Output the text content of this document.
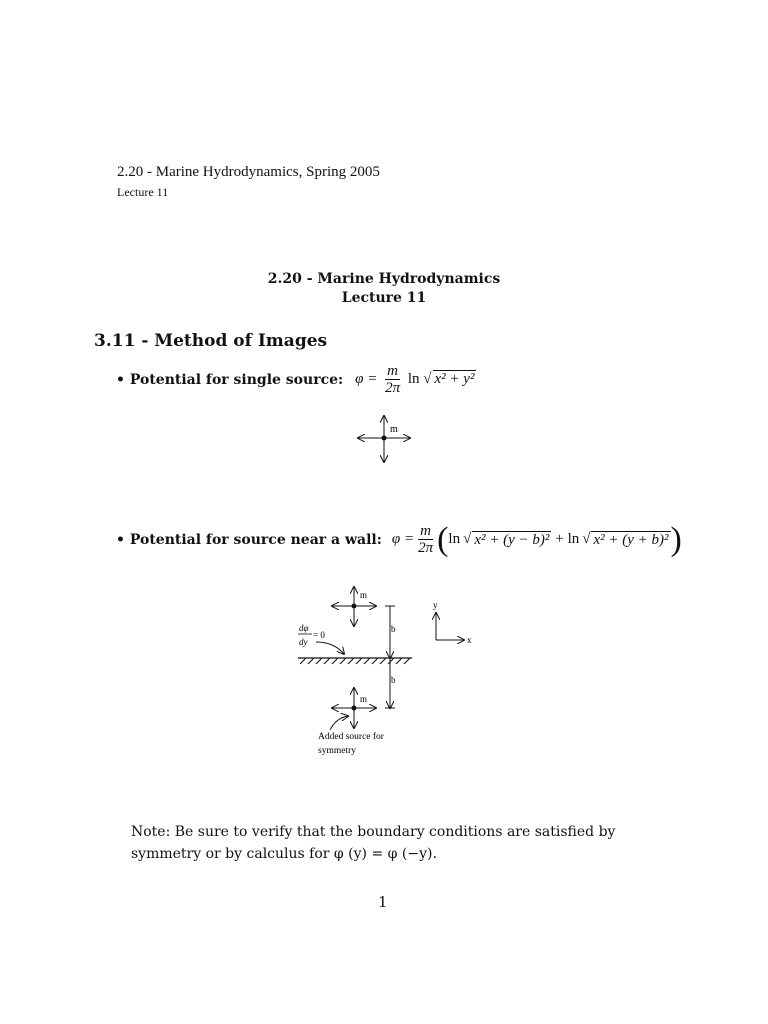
2.20 - Marine Hydrodynamics, Spring 2005
Lecture 11
2.20 - Marine Hydrodynamics
Lecture 11
3.11 - Method of Images
• Potential for single source: $\varphi = \frac{m}{2\pi}$ ln √ x² + y²
m
• Potential for source near a wall: $\varphi = \frac{m}{2\pi}$ ( ln √ x² + (y − b)² + ln √ x² + (y + b)² )
m
b
b
dφ
dy
= 0
m
Added source for
symmetry
y
x
Note: Be sure to verify that the boundary conditions are satisfied by symmetry or by calculus for φ (y) = φ (−y).
1
